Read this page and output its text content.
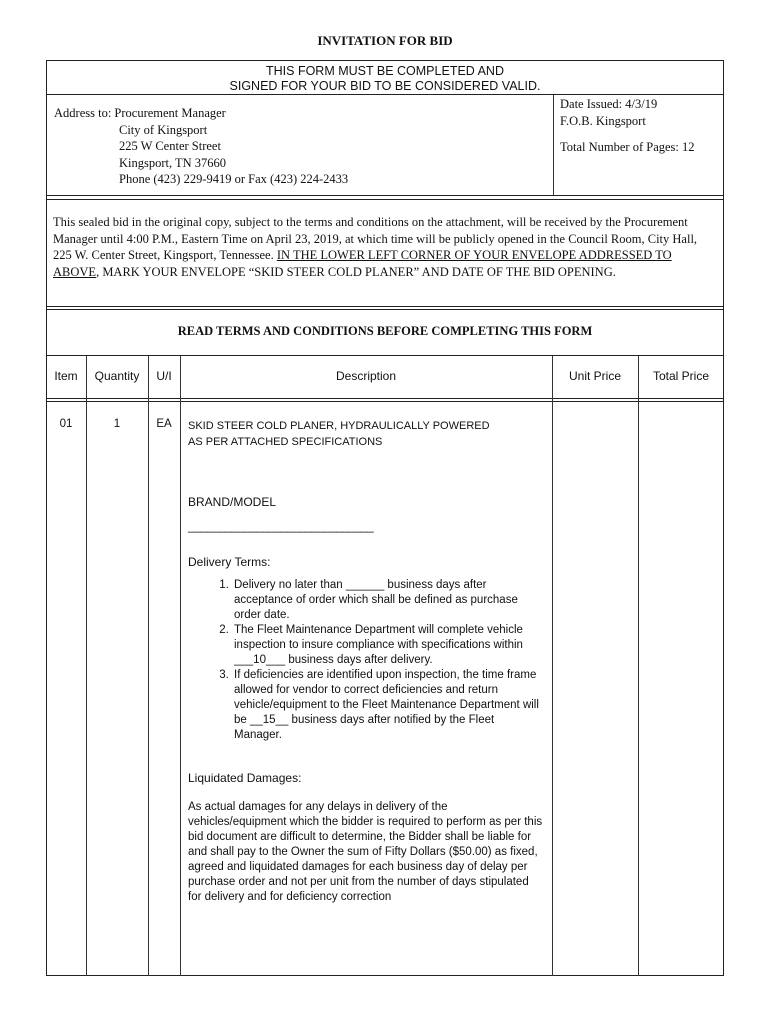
INVITATION FOR BID
THIS FORM MUST BE COMPLETED AND
SIGNED FOR YOUR BID TO BE CONSIDERED VALID.
Address to: Procurement Manager
City of Kingsport
225 W Center Street
Kingsport, TN 37660
Phone (423) 229-9419 or Fax (423) 224-2433
Date Issued: 4/3/19
F.O.B. Kingsport
Total Number of Pages: 12
This sealed bid in the original copy, subject to the terms and conditions on the attachment, will be received by the Procurement Manager until 4:00 P.M., Eastern Time on April 23, 2019, at which time will be publicly opened in the Council Room, City Hall, 225 W. Center Street, Kingsport, Tennessee. IN THE LOWER LEFT CORNER OF YOUR ENVELOPE ADDRESSED TO ABOVE, MARK YOUR ENVELOPE “SKID STEER COLD PLANER” AND DATE OF THE BID OPENING.
READ TERMS AND CONDITIONS BEFORE COMPLETING THIS FORM
Item	Quantity	U/I	Description	Unit Price	Total Price
01	1	EA	SKID STEER COLD PLANER, HYDRAULICALLY POWERED

AS PER ATTACHED SPECIFICATIONS

BRAND/MODEL

______________________________

Delivery Terms:

1. Delivery no later than ______ business days after acceptance of order which shall be defined as purchase order date.
2. The Fleet Maintenance Department will complete vehicle inspection to insure compliance with specifications within ___10___ business days after delivery.
3. If deficiencies are identified upon inspection, the time frame allowed for vendor to correct deficiencies and return vehicle/equipment to the Fleet Maintenance Department will be __15__ business days after notified by the Fleet Manager.

Liquidated Damages:

As actual damages for any delays in delivery of the vehicles/equipment which the bidder is required to perform as per this bid document are difficult to determine, the Bidder shall be liable for and shall pay to the Owner the sum of Fifty Dollars ($50.00) as fixed, agreed and liquidated damages for each business day of delay per purchase order and not per unit from the number of days stipulated for delivery and for deficiency correction
